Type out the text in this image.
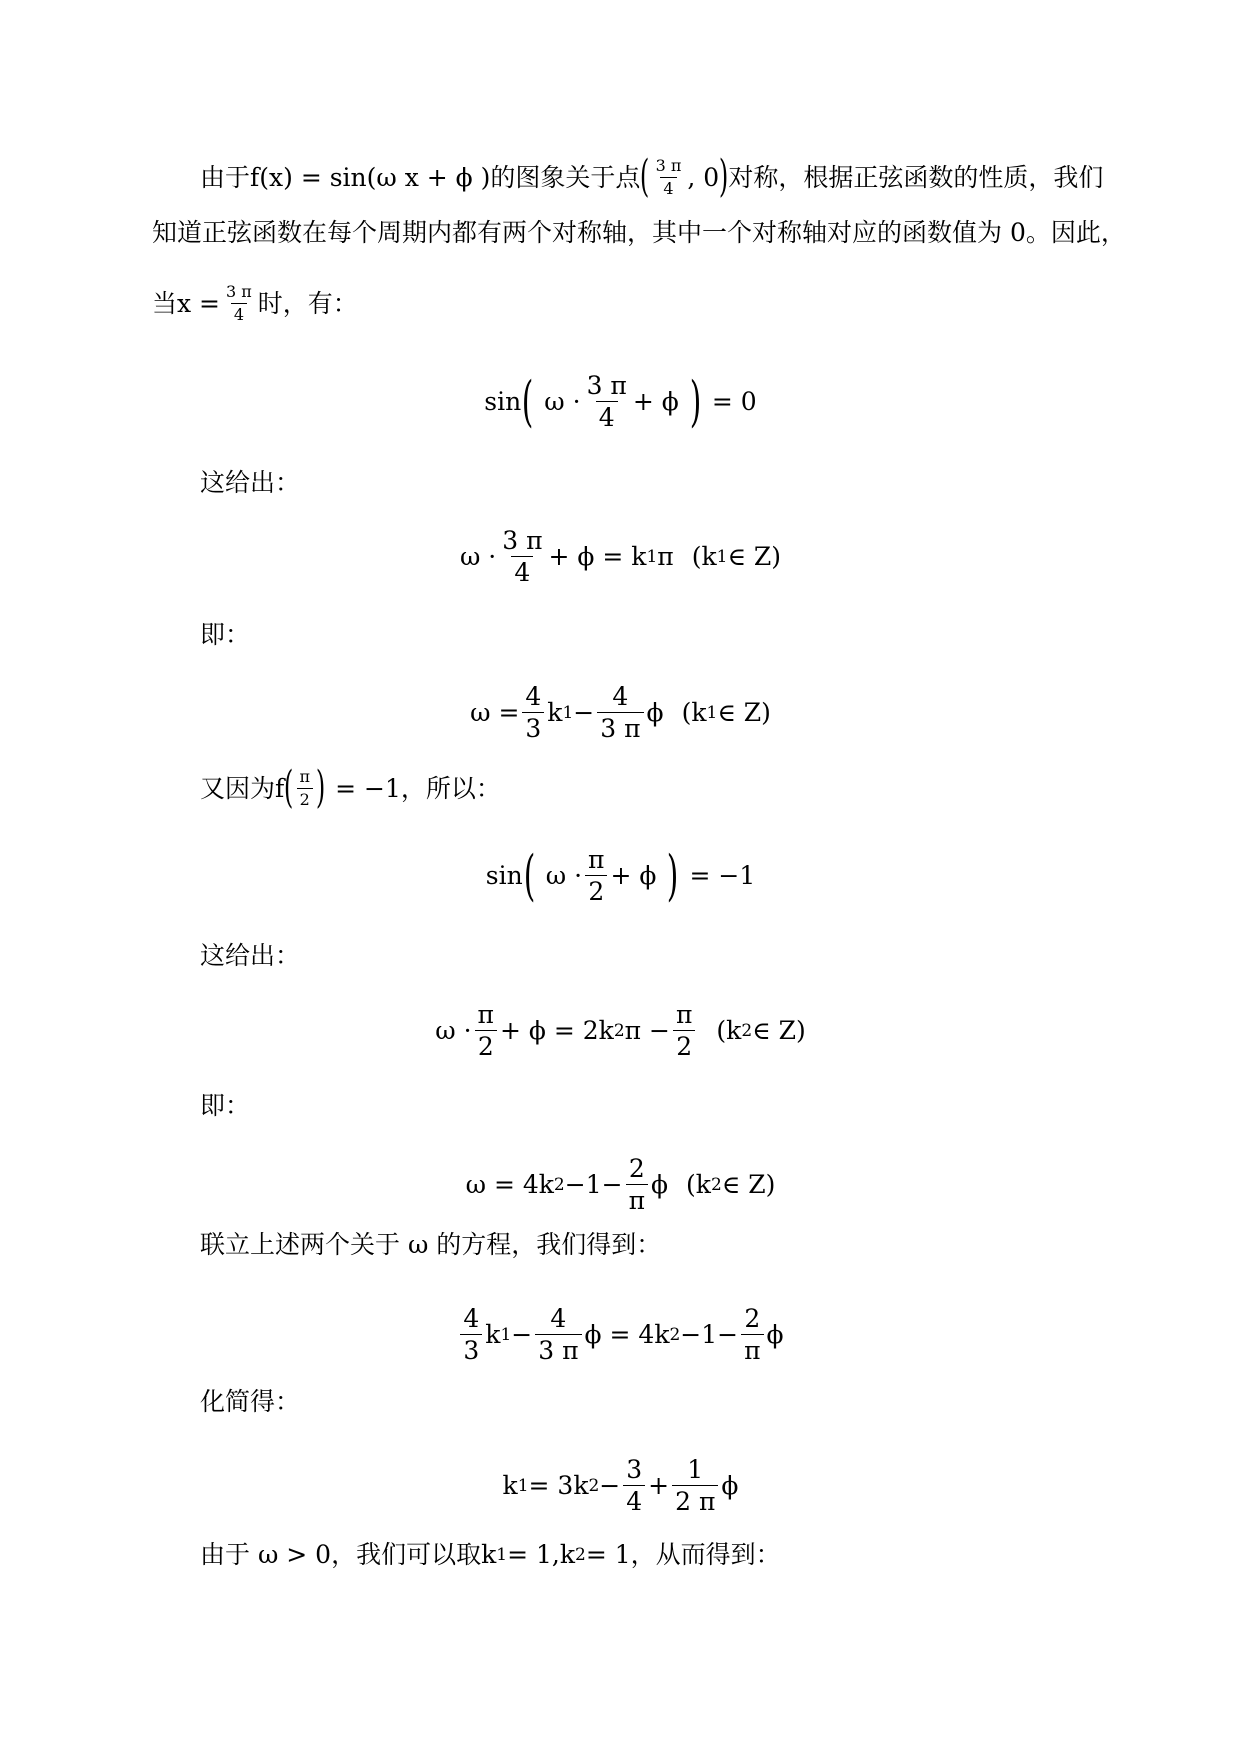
由于 f(x) = sin(ω x + ϕ ) 的图象关于点 ( $\frac{3 \pi}{4}$ , 0 ) 对称，根据正弦函数的性质，我们
知道正弦函数在每个周期内都有两个对称轴，其中一个对称轴对应的函数值为 0。因此，
当 $x = \frac{3 \pi}{4}$ 时，有：
sin ( $\omega \cdot \frac{3 \pi}{4} + \phi$ ) = 0
这给出：
$\omega \cdot \frac{3 \pi}{4} + \phi = k$ 1 π (k 1 ∈ Z)
即：
$\omega = \frac{4}{3}$ k $1 - \frac{4}{3 \pi}$ ϕ (k 1 ∈ Z)
又因为 f ( $\frac{\pi}{2}$ ) = −1，所以：
sin ( $\omega \cdot \frac{\pi}{2} + \phi$ ) = −1
这给出：
$\omega \cdot \frac{\pi}{2} + \phi = 2k$ 2 $\pi - \frac{\pi}{2} (k$ 2 ∈ Z)
即：
ω = 4k $2 -1- \frac{2}{\pi}$ ϕ (k 2 ∈ Z)
联立上述两个关于 ω 的方程，我们得到：
$\frac{4}{3}$ k $1 - \frac{4}{3 \pi}$ ϕ = 4k $2 -1- \frac{2}{\pi}$ ϕ
化简得：
k 1 = 3k $2 - \frac{3}{4} + \frac{1}{2 \pi}$ ϕ
由于 ω > 0，我们可以取 k 1 = 1, k 2 = 1，从而得到：
